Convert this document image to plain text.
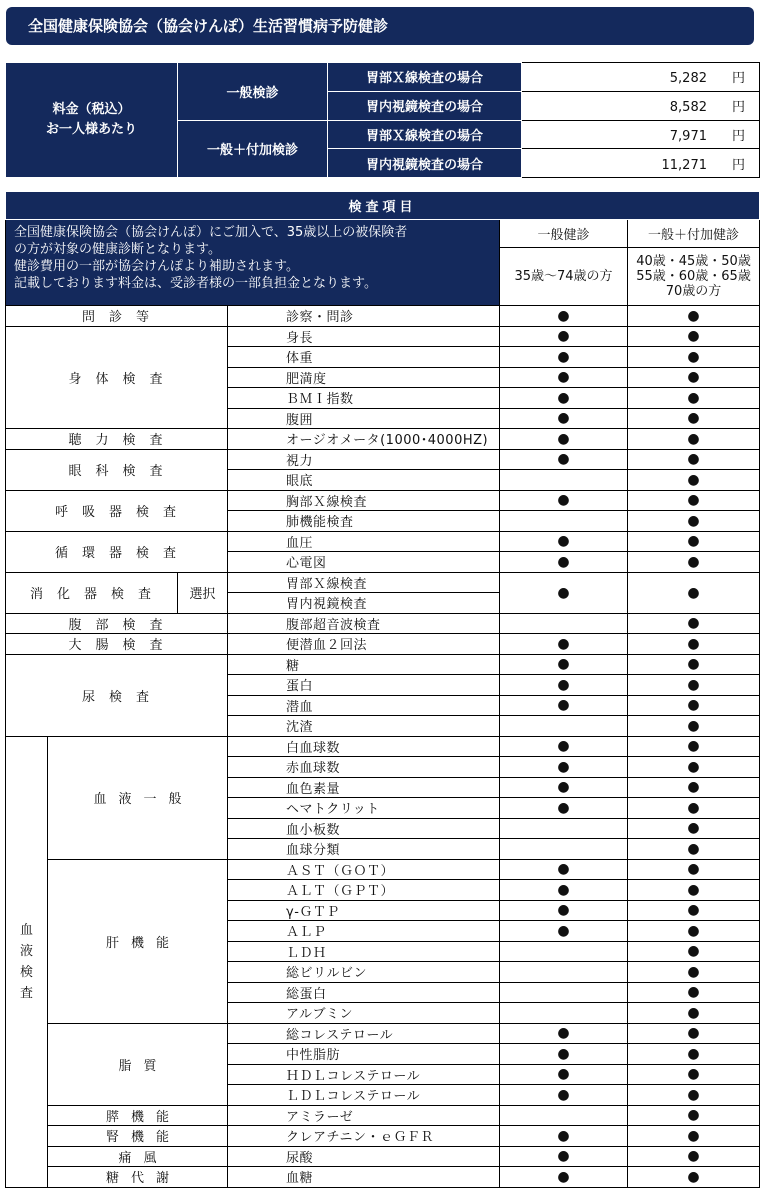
全国健康保険協会（協会けんぽ）生活習慣病予防健診
料金（税込）
お一人様あたり	一般検診	胃部Ｘ線検査の場合	5,282 円
		胃内視鏡検査の場合	8,582 円
	一般＋付加検診	胃部Ｘ線検査の場合	7,971 円
		胃内視鏡検査の場合	11,271 円
検査項目					

全国健康保険協会（協会けんぽ）にご加入で、35歳以上の被保険者
の方が対象の健康診断となります。
健診費用の一部が協会けんぽより補助されます。
記載しております料金は、受診者様の一部負担金となります。				一般健診	一般＋付加健診
				35歳～74歳の方	40歳・45歳・50歳
55歳・60歳・65歳
70歳の方

問診等			診察・問診	●	●
身体検査			身長	●	●
			体重	●	●
			肥満度	●	●
			ＢＭＩ指数	●	●
			腹囲	●	●
聴力検査			オージオメータ(1000･4000HZ)	●	●
眼科検査			視力	●	●
			眼底		●
呼吸器検査			胸部Ｘ線検査	●	●
			肺機能検査		●
循環器検査			血圧	●	●
			心電図	●	●
消化器検査		選択	胃部Ｘ線検査	●	●
			胃内視鏡検査		
腹部検査			腹部超音波検査		●
大腸検査			便潜血２回法	●	●
尿検査			糖	●	●
			蛋白	●	●
			潜血	●	●
			沈渣		●

血
液
検
査	血液一般		白血球数	●	●
			赤血球数	●	●
			血色素量	●	●
			ヘマトクリット	●	●
			血小板数		●
			血球分類		●
	肝機能		ＡＳＴ（ＧＯＴ）	●	●
			ＡＬＴ（ＧＰＴ）	●	●
			γ-ＧＴＰ	●	●
			ＡＬＰ	●	●
			ＬＤＨ		●
			総ビリルビン		●
			総蛋白		●
			アルブミン		●
	脂質		総コレステロール	●	●
			中性脂肪	●	●
			ＨＤＬコレステロール	●	●
			ＬＤＬコレステロール	●	●
	膵機能		アミラーゼ		●
	腎機能		クレアチニン・ｅＧＦＲ	●	●
	痛風		尿酸	●	●
	糖代謝		血糖	●	●
